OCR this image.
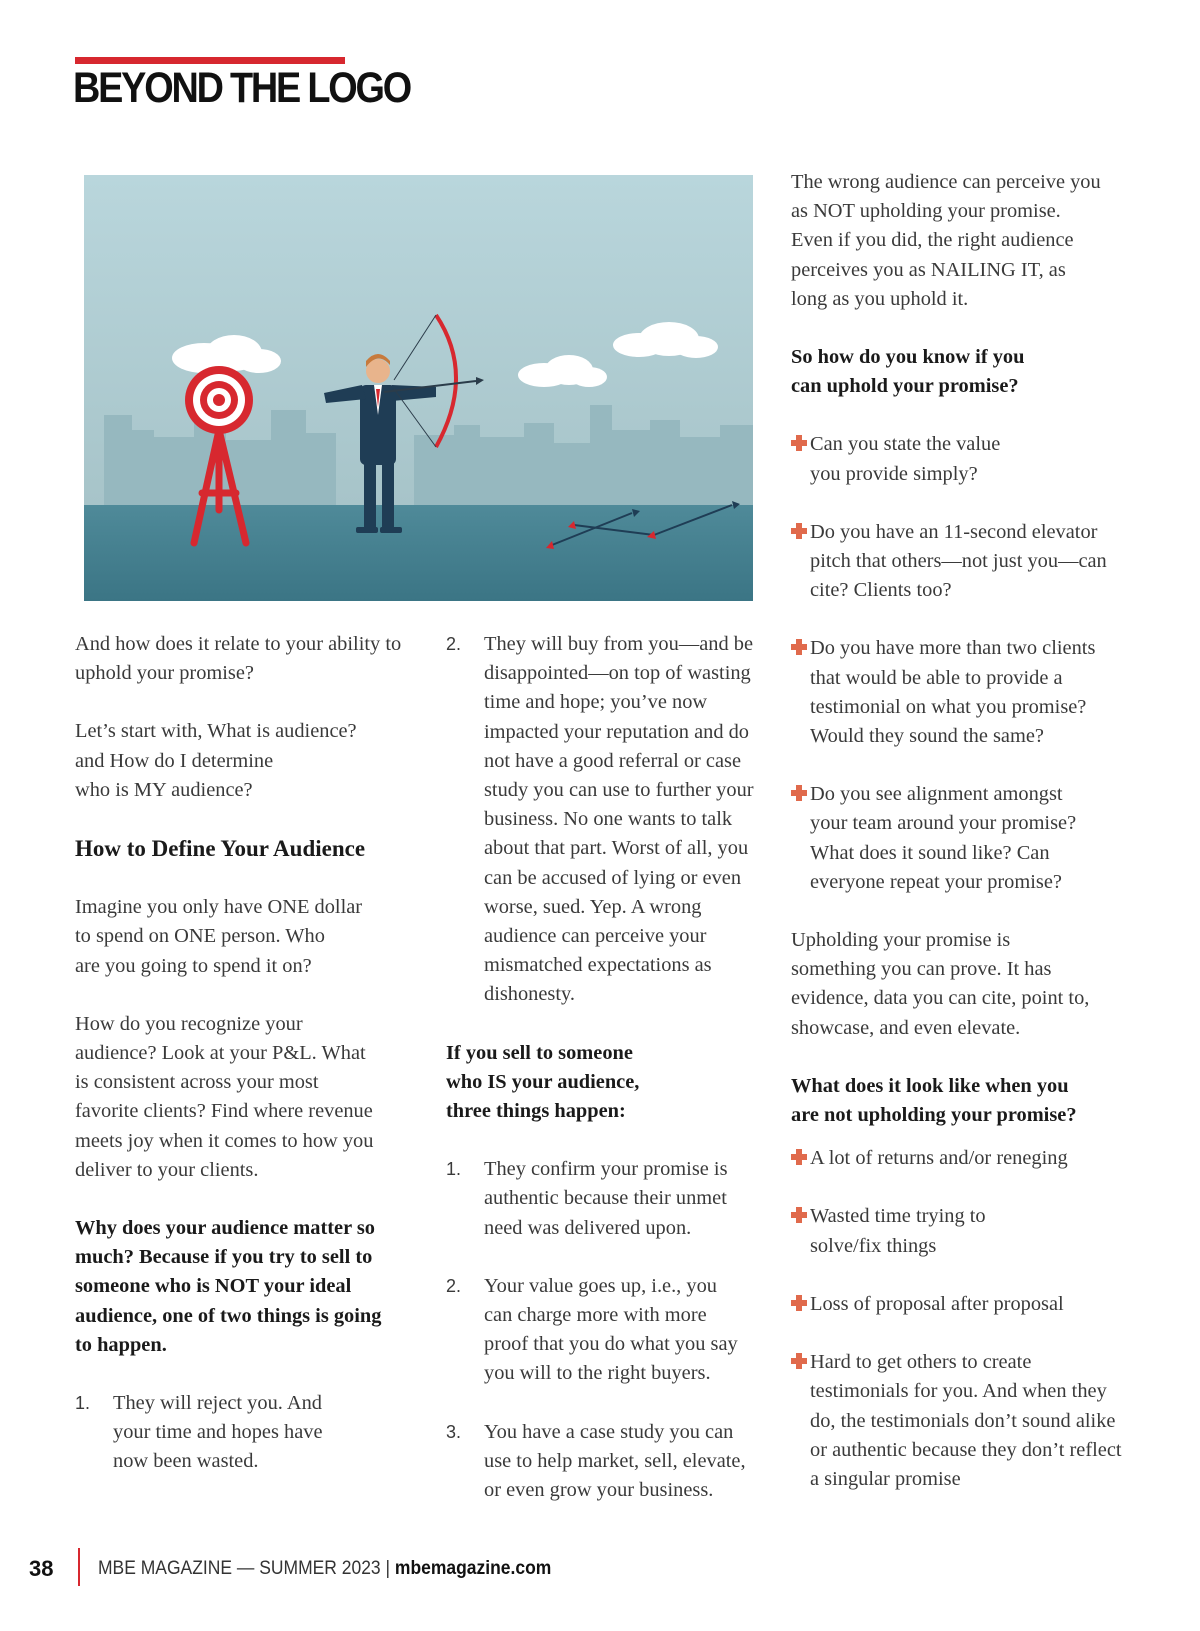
BEYOND THE LOGO

And how does it relate to your ability to uphold your promise?

Let’s start with, What is audience?
and How do I determine
who is MY audience?

How to Define Your Audience

Imagine you only have ONE dollar
to spend on ONE person. Who
are you going to spend it on?

How do you recognize your audience? Look at your P&L. What is consistent across your most favorite clients? Find where revenue meets joy when it comes to how you deliver to your clients.

Why does your audience matter so much? Because if you try to sell to someone who is NOT your ideal audience, one of two things is going to happen.

1. They will reject you. And your time and hopes have now been wasted.
2. They will buy from you—and be disappointed—on top of wasting time and hope; you’ve now impacted your reputation and do not have a good referral or case study you can use to further your business. No one wants to talk about that part. Worst of all, you can be accused of lying or even worse, sued. Yep. A wrong audience can perceive your mismatched expectations as dishonesty.

If you sell to someone
who IS your audience,
three things happen:

1. They confirm your promise is authentic because their unmet need was delivered upon.
2. Your value goes up, i.e., you can charge more with more proof that you do what you say you will to the right buyers.
3. You have a case study you can use to help market, sell, elevate, or even grow your business.

The wrong audience can perceive you as NOT upholding your promise. Even if you did, the right audience perceives you as NAILING IT, as long as you uphold it.

So how do you know if you
can uphold your promise?

Can you state the value you provide simply?
Do you have an 11-second elevator pitch that others—not just you—can cite? Clients too?
Do you have more than two clients that would be able to provide a testimonial on what you promise? Would they sound the same?
Do you see alignment amongst your team around your promise? What does it sound like? Can everyone repeat your promise?

Upholding your promise is something you can prove. It has evidence, data you can cite, point to, showcase, and even elevate.

What does it look like when you
are not upholding your promise?

A lot of returns and/or reneging
Wasted time trying to solve/fix things
Loss of proposal after proposal
Hard to get others to create testimonials for you. And when they do, the testimonials don’t sound alike or authentic because they don’t reflect a singular promise
38 MBE MAGAZINE — SUMMER 2023 | mbemagazine.com
